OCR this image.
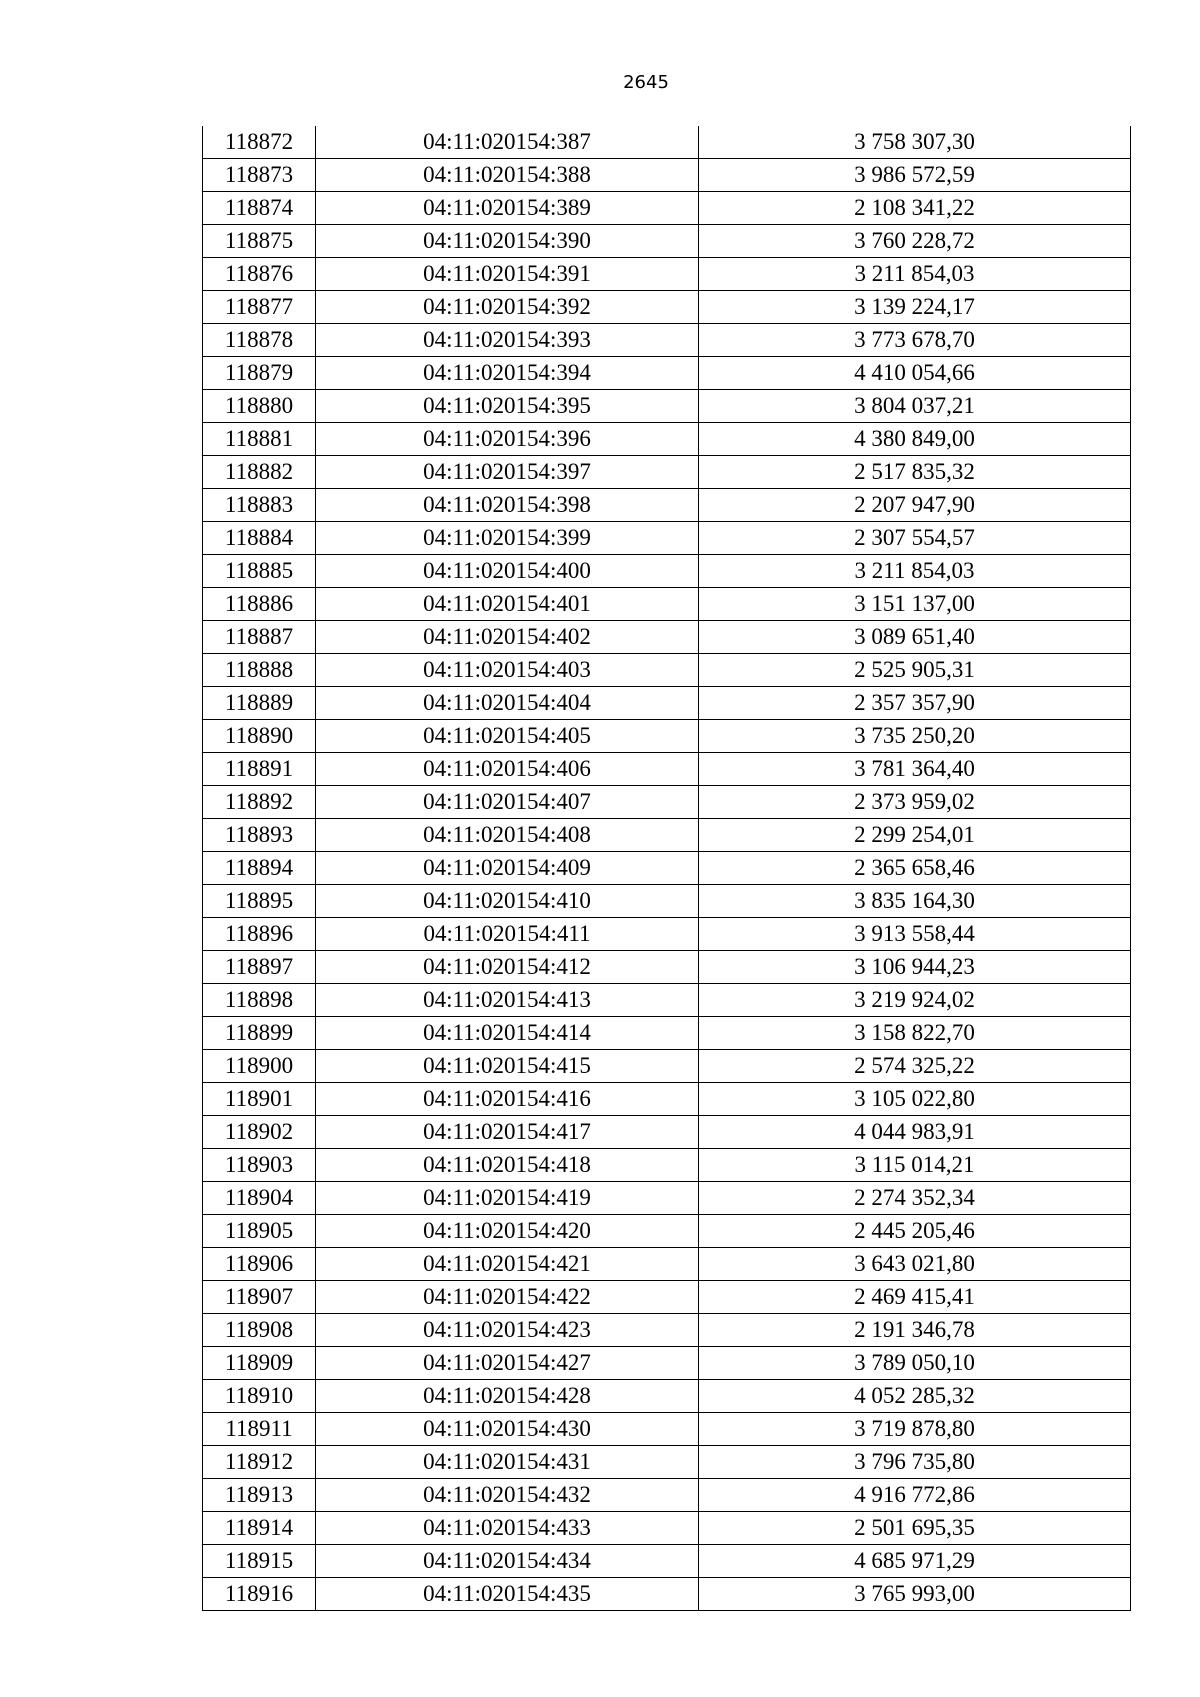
2645
118872	04:11:020154:387	3 758 307,30
118873	04:11:020154:388	3 986 572,59
118874	04:11:020154:389	2 108 341,22
118875	04:11:020154:390	3 760 228,72
118876	04:11:020154:391	3 211 854,03
118877	04:11:020154:392	3 139 224,17
118878	04:11:020154:393	3 773 678,70
118879	04:11:020154:394	4 410 054,66
118880	04:11:020154:395	3 804 037,21
118881	04:11:020154:396	4 380 849,00
118882	04:11:020154:397	2 517 835,32
118883	04:11:020154:398	2 207 947,90
118884	04:11:020154:399	2 307 554,57
118885	04:11:020154:400	3 211 854,03
118886	04:11:020154:401	3 151 137,00
118887	04:11:020154:402	3 089 651,40
118888	04:11:020154:403	2 525 905,31
118889	04:11:020154:404	2 357 357,90
118890	04:11:020154:405	3 735 250,20
118891	04:11:020154:406	3 781 364,40
118892	04:11:020154:407	2 373 959,02
118893	04:11:020154:408	2 299 254,01
118894	04:11:020154:409	2 365 658,46
118895	04:11:020154:410	3 835 164,30
118896	04:11:020154:411	3 913 558,44
118897	04:11:020154:412	3 106 944,23
118898	04:11:020154:413	3 219 924,02
118899	04:11:020154:414	3 158 822,70
118900	04:11:020154:415	2 574 325,22
118901	04:11:020154:416	3 105 022,80
118902	04:11:020154:417	4 044 983,91
118903	04:11:020154:418	3 115 014,21
118904	04:11:020154:419	2 274 352,34
118905	04:11:020154:420	2 445 205,46
118906	04:11:020154:421	3 643 021,80
118907	04:11:020154:422	2 469 415,41
118908	04:11:020154:423	2 191 346,78
118909	04:11:020154:427	3 789 050,10
118910	04:11:020154:428	4 052 285,32
118911	04:11:020154:430	3 719 878,80
118912	04:11:020154:431	3 796 735,80
118913	04:11:020154:432	4 916 772,86
118914	04:11:020154:433	2 501 695,35
118915	04:11:020154:434	4 685 971,29
118916	04:11:020154:435	3 765 993,00
